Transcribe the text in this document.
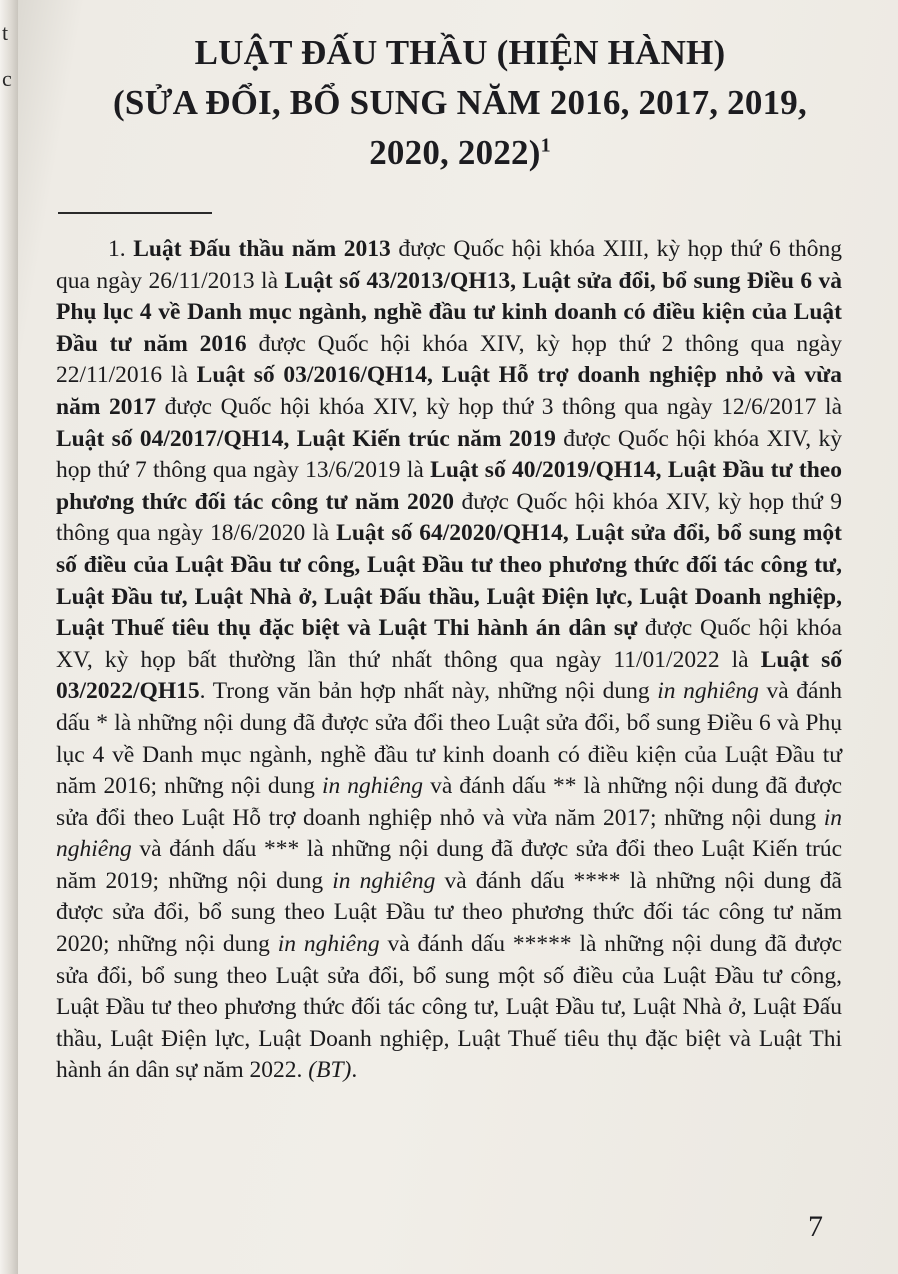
t
c
LUẬT ĐẤU THẦU (HIỆN HÀNH)
(SỬA ĐỔI, BỔ SUNG NĂM 2016, 2017, 2019,
2020, 2022)$^1$
1. Luật Đấu thầu năm 2013 được Quốc hội khóa XIII, kỳ họp thứ 6 thông qua ngày 26/11/2013 là Luật số 43/2013/QH13, Luật sửa đổi, bổ sung Điều 6 và Phụ lục 4 về Danh mục ngành, nghề đầu tư kinh doanh có điều kiện của Luật Đầu tư năm 2016 được Quốc hội khóa XIV, kỳ họp thứ 2 thông qua ngày 22/11/2016 là Luật số 03/2016/QH14, Luật Hỗ trợ doanh nghiệp nhỏ và vừa năm 2017 được Quốc hội khóa XIV, kỳ họp thứ 3 thông qua ngày 12/6/2017 là Luật số 04/2017/QH14, Luật Kiến trúc năm 2019 được Quốc hội khóa XIV, kỳ họp thứ 7 thông qua ngày 13/6/2019 là Luật số 40/2019/QH14, Luật Đầu tư theo phương thức đối tác công tư năm 2020 được Quốc hội khóa XIV, kỳ họp thứ 9 thông qua ngày 18/6/2020 là Luật số 64/2020/QH14, Luật sửa đổi, bổ sung một số điều của Luật Đầu tư công, Luật Đầu tư theo phương thức đối tác công tư, Luật Đầu tư, Luật Nhà ở, Luật Đấu thầu, Luật Điện lực, Luật Doanh nghiệp, Luật Thuế tiêu thụ đặc biệt và Luật Thi hành án dân sự được Quốc hội khóa XV, kỳ họp bất thường lần thứ nhất thông qua ngày 11/01/2022 là Luật số 03/2022/QH15. Trong văn bản hợp nhất này, những nội dung in nghiêng và đánh dấu * là những nội dung đã được sửa đổi theo Luật sửa đổi, bổ sung Điều 6 và Phụ lục 4 về Danh mục ngành, nghề đầu tư kinh doanh có điều kiện của Luật Đầu tư năm 2016; những nội dung in nghiêng và đánh dấu ** là những nội dung đã được sửa đổi theo Luật Hỗ trợ doanh nghiệp nhỏ và vừa năm 2017; những nội dung in nghiêng và đánh dấu *** là những nội dung đã được sửa đổi theo Luật Kiến trúc năm 2019; những nội dung in nghiêng và đánh dấu **** là những nội dung đã được sửa đổi, bổ sung theo Luật Đầu tư theo phương thức đối tác công tư năm 2020; những nội dung in nghiêng và đánh dấu ***** là những nội dung đã được sửa đổi, bổ sung theo Luật sửa đổi, bổ sung một số điều của Luật Đầu tư công, Luật Đầu tư theo phương thức đối tác công tư, Luật Đầu tư, Luật Nhà ở, Luật Đấu thầu, Luật Điện lực, Luật Doanh nghiệp, Luật Thuế tiêu thụ đặc biệt và Luật Thi hành án dân sự năm 2022. (BT).
7
